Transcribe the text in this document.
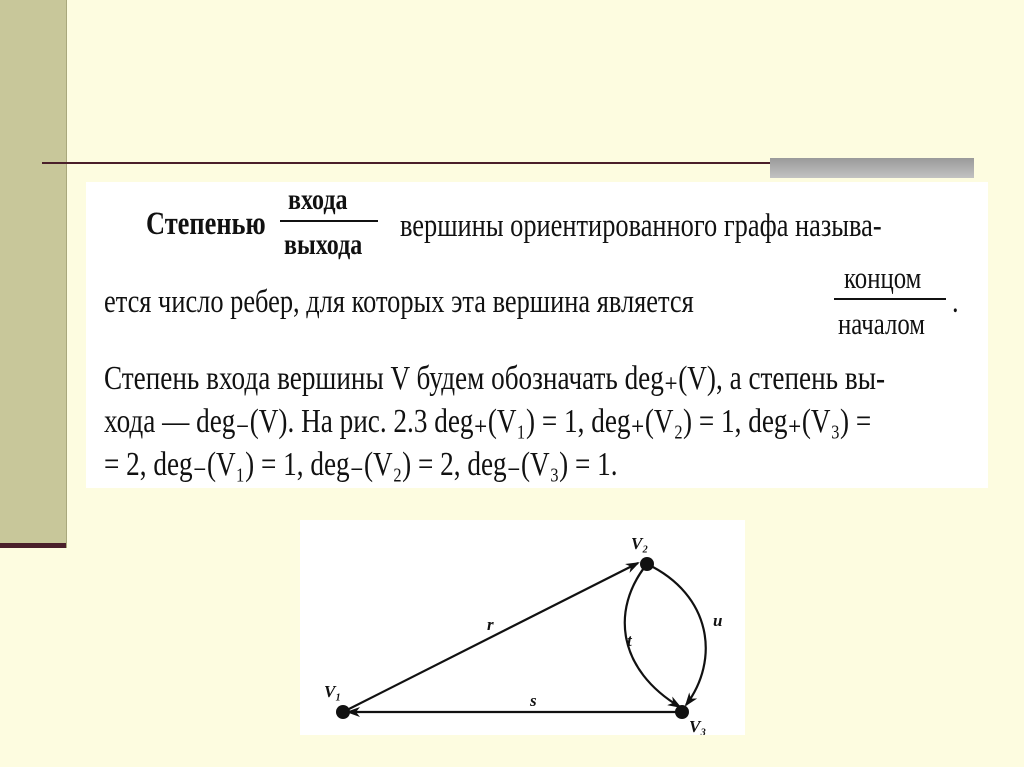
Степенью
входа
выхода
вершины ориентированного графа называ-
ется число ребер, для которых эта вершина является
концом
началом
.
Степень входа вершины V будем обозначать deg₊(V), а степень вы-
хода — deg₋(V). На рис. 2.3 deg₊(V₁) = 1, deg₊(V₂) = 1, deg₊(V₃) =
= 2, deg₋(V₁) = 1, deg₋(V₂) = 2, deg₋(V₃) = 1.
V₁
V₂
V₃
r
s
t
u
